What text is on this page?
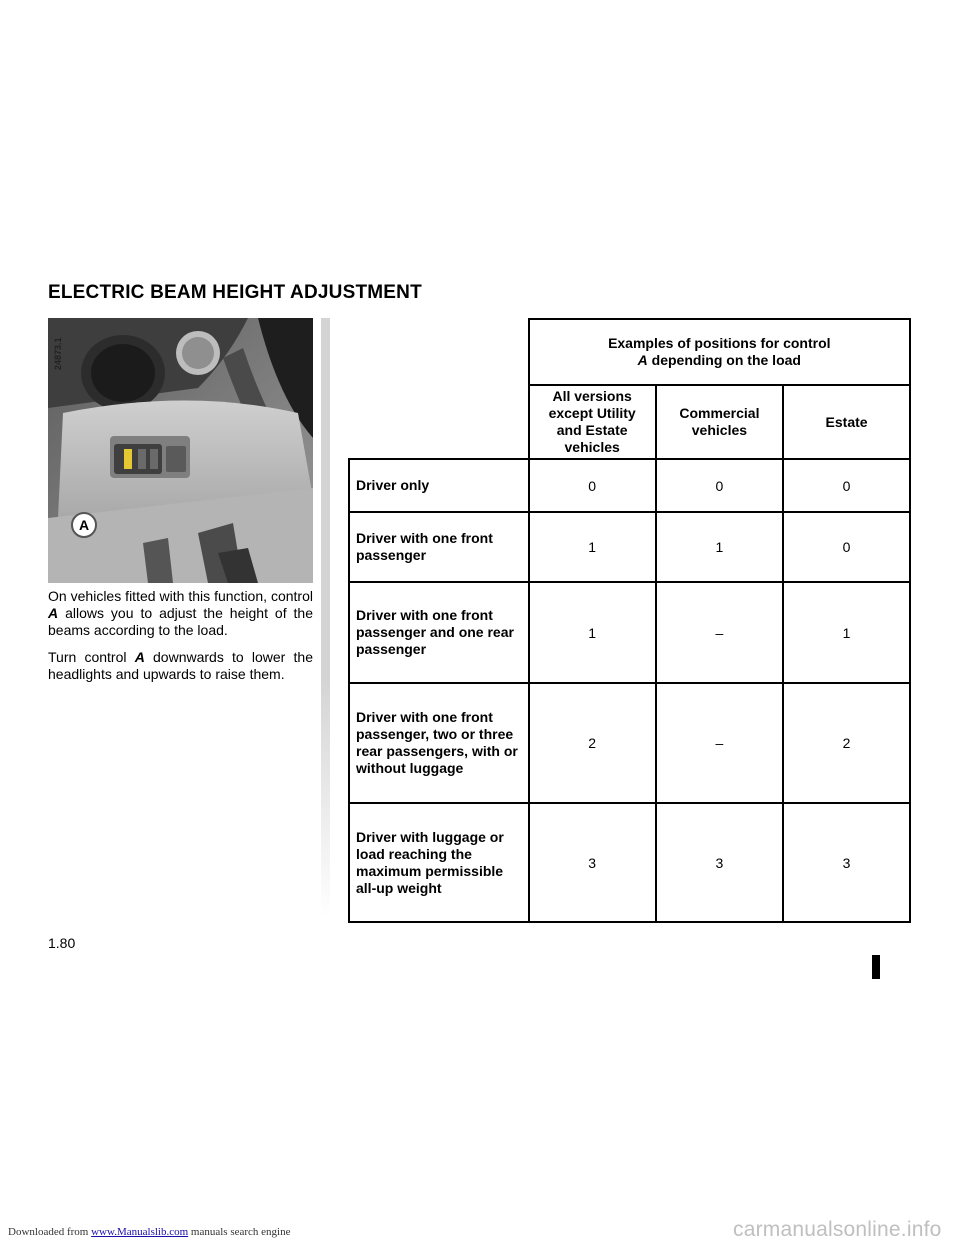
ELECTRIC BEAM HEIGHT ADJUSTMENT
24873.1
A

On vehicles fitted with this function, control A allows you to adjust the height of the beams according to the load.

Turn control A downwards to lower the headlights and upwards to raise them.

	Examples of positions for control
A depending on the load		
	All versions except Utility and Estate vehicles	Commercial vehicles	Estate
Driver only	0	0	0
Driver with one front passenger	1	1	0
Driver with one front passenger and one rear passenger	1	–	1
Driver with one front passenger, two or three rear passengers, with or without luggage	2	–	2
Driver with luggage or load reaching the maximum permissible all-up weight	3	3	3
1.80
Downloaded from www.Manualslib.com manuals search engine	carmanualsonline.info
